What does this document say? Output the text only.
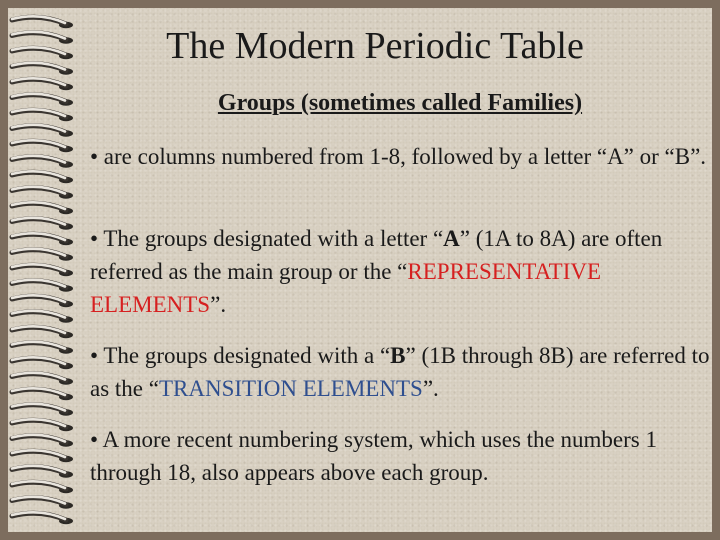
The Modern Periodic Table
Groups (sometimes called Families)
• are columns numbered from 1-8, followed by a letter “A” or “B”.
• The groups designated with a letter “A” (1A to 8A) are often referred as the main group or the “REPRESENTATIVE ELEMENTS”.
• The groups designated with a “B” (1B through 8B) are referred to as the “TRANSITION ELEMENTS”.
• A more recent numbering system, which uses the numbers 1 through 18, also appears above each group.
